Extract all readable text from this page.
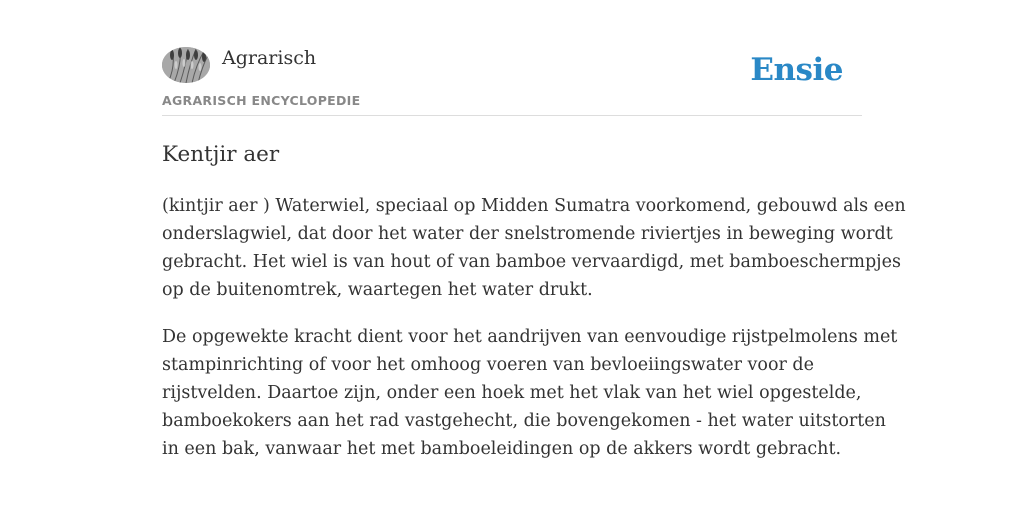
Agrarisch
AGRARISCH ENCYCLOPEDIE
Ensie
Kentjir aer

(kintjir aer ) Waterwiel, speciaal op Midden Sumatra voorkomend, gebouwd als een
onderslagwiel, dat door het water der snelstromende riviertjes in beweging wordt
gebracht. Het wiel is van hout of van bamboe vervaardigd, met bamboeschermpjes
op de buitenomtrek, waartegen het water drukt.

De opgewekte kracht dient voor het aandrijven van eenvoudige rijstpelmolens met
stampinrichting of voor het omhoog voeren van bevloeiingswater voor de
rijstvelden. Daartoe zijn, onder een hoek met het vlak van het wiel opgestelde,
bamboekokers aan het rad vastgehecht, die bovengekomen - het water uitstorten
in een bak, vanwaar het met bamboeleidingen op de akkers wordt gebracht.
